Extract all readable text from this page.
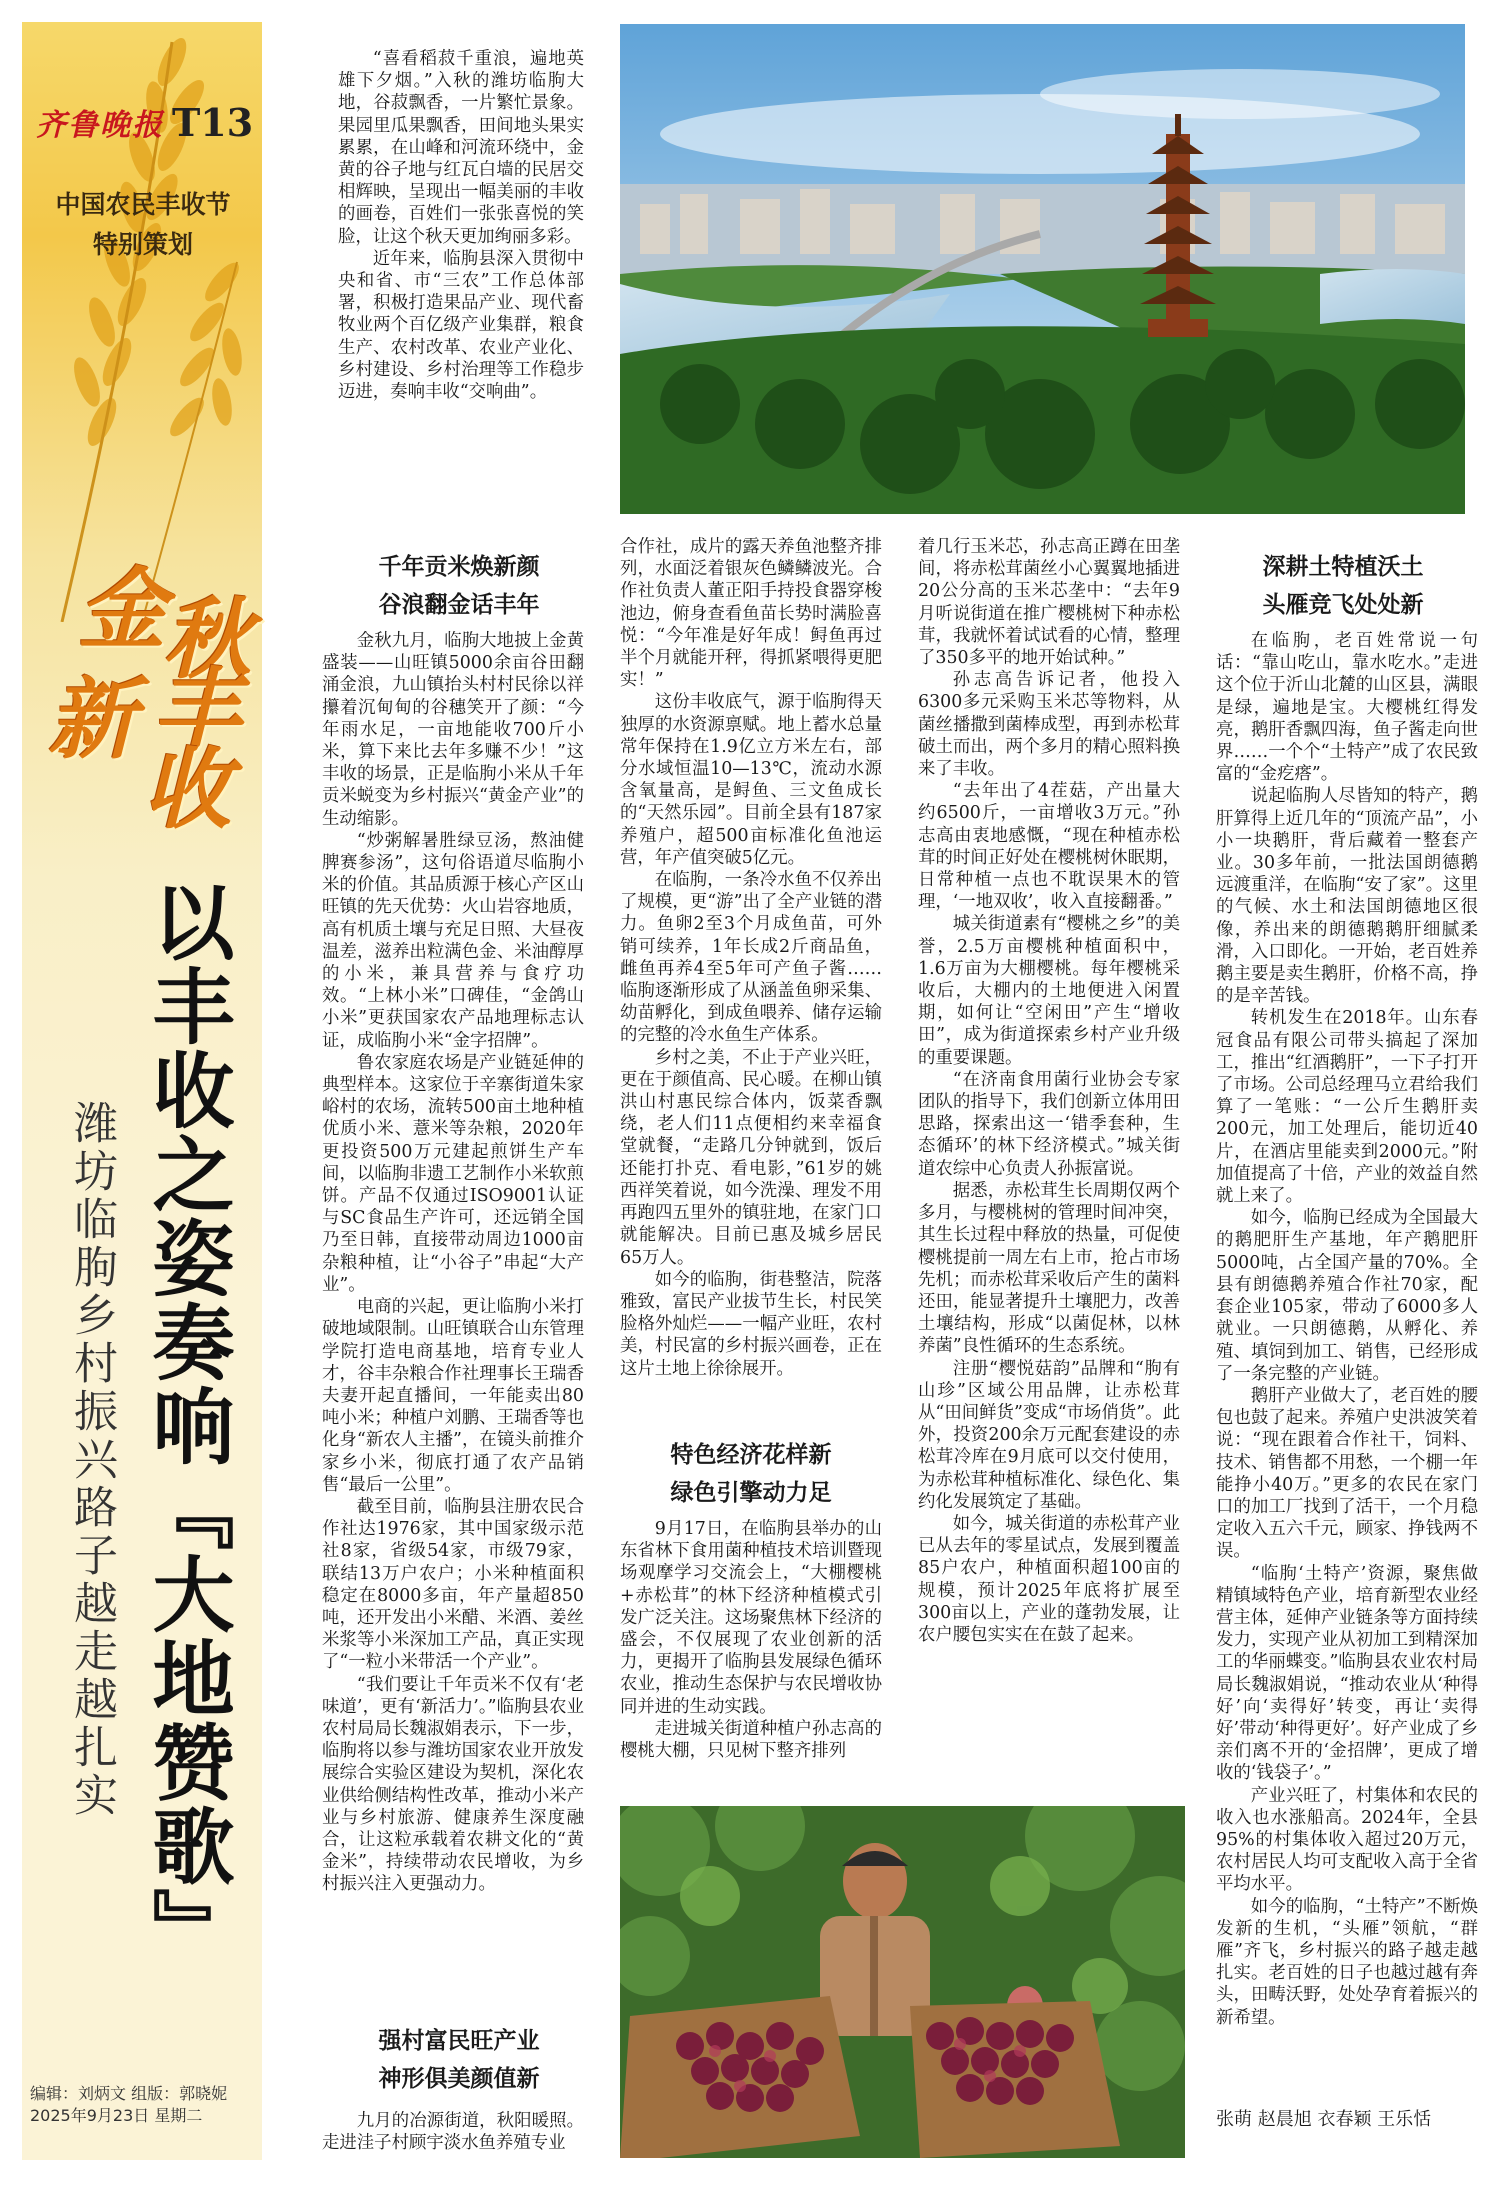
齐鲁晚报 T13
中国农民丰收节
特别策划
金
秋
新 丰
收
以丰收之姿奏响『大地赞歌』
潍坊临朐乡村振兴路子越走越扎实
编辑：刘炳文 组版：郭晓妮
2025年9月23日 星期二

“喜看稻菽千重浪，遍地英雄下夕烟。”入秋的潍坊临朐大地，谷菽飘香，一片繁忙景象。果园里瓜果飘香，田间地头果实累累，在山峰和河流环绕中，金黄的谷子地与红瓦白墙的民居交相辉映，呈现出一幅美丽的丰收的画卷，百姓们一张张喜悦的笑脸，让这个秋天更加绚丽多彩。

近年来，临朐县深入贯彻中央和省、市“三农”工作总体部署，积极打造果品产业、现代畜牧业两个百亿级产业集群，粮食生产、农村改革、农业产业化、乡村建设、乡村治理等工作稳步迈进，奏响丰收“交响曲”。

千年贡米焕新颜
谷浪翻金话丰年

金秋九月，临朐大地披上金黄盛装——山旺镇5000余亩谷田翻涌金浪，九山镇抬头村村民徐以祥攥着沉甸甸的谷穗笑开了颜：“今年雨水足，一亩地能收700斤小米，算下来比去年多赚不少！”这丰收的场景，正是临朐小米从千年贡米蜕变为乡村振兴“黄金产业”的生动缩影。

“炒粥解暑胜绿豆汤，熬油健脾赛参汤”，这句俗语道尽临朐小米的价值。其品质源于核心产区山旺镇的先天优势：火山岩容地质，高有机质土壤与充足日照、大昼夜温差，滋养出粒满色金、米油醇厚的小米，兼具营养与食疗功效。“上林小米”口碑佳，“金鸽山小米”更获国家农产品地理标志认证，成临朐小米“金字招牌”。

鲁农家庭农场是产业链延伸的典型样本。这家位于辛寨街道朱家峪村的农场，流转500亩土地种植优质小米、薏米等杂粮，2020年更投资500万元建起煎饼生产车间，以临朐非遗工艺制作小米软煎饼。产品不仅通过ISO9001认证与SC食品生产许可，还远销全国乃至日韩，直接带动周边1000亩杂粮种植，让“小谷子”串起“大产业”。

电商的兴起，更让临朐小米打破地域限制。山旺镇联合山东管理学院打造电商基地，培育专业人才，谷丰杂粮合作社理事长王瑞香夫妻开起直播间，一年能卖出80吨小米；种植户刘鹏、王瑞香等也化身“新农人主播”，在镜头前推介家乡小米，彻底打通了农产品销售“最后一公里”。

截至目前，临朐县注册农民合作社达1976家，其中国家级示范社8家，省级54家，市级79家，联结13万户农户；小米种植面积稳定在8000多亩，年产量超850吨，还开发出小米醋、米酒、姜丝米浆等小米深加工产品，真正实现了“一粒小米带活一个产业”。

“我们要让千年贡米不仅有‘老味道’，更有‘新活力’。”临朐县农业农村局局长魏淑娟表示，下一步，临朐将以参与潍坊国家农业开放发展综合实验区建设为契机，深化农业供给侧结构性改革，推动小米产业与乡村旅游、健康养生深度融合，让这粒承载着农耕文化的“黄金米”，持续带动农民增收，为乡村振兴注入更强动力。

强村富民旺产业
神形俱美颜值新

九月的冶源街道，秋阳暖照。走进洼子村顾宇淡水鱼养殖专业

合作社，成片的露天养鱼池整齐排列，水面泛着银灰色鳞鳞波光。合作社负责人董正阳手持投食器穿梭池边，俯身查看鱼苗长势时满脸喜悦：“今年准是好年成！鲟鱼再过半个月就能开秤，得抓紧喂得更肥实！”

这份丰收底气，源于临朐得天独厚的水资源禀赋。地上蓄水总量常年保持在1.9亿立方米左右，部分水域恒温10—13℃，流动水源含氧量高，是鲟鱼、三文鱼成长的“天然乐园”。目前全县有187家养殖户，超500亩标准化鱼池运营，年产值突破5亿元。

在临朐，一条冷水鱼不仅养出了规模，更“游”出了全产业链的潜力。鱼卵2至3个月成鱼苗，可外销可续养，1年长成2斤商品鱼，雌鱼再养4至5年可产鱼子酱……临朐逐渐形成了从涵盖鱼卵采集、幼苗孵化，到成鱼喂养、储存运输的完整的冷水鱼生产体系。

乡村之美，不止于产业兴旺，更在于颜值高、民心暖。在柳山镇洪山村惠民综合体内，饭菜香飘绕，老人们11点便相约来幸福食堂就餐，“走路几分钟就到，饭后还能打扑克、看电影，”61岁的姚西祥笑着说，如今洗澡、理发不用再跑四五里外的镇驻地，在家门口就能解决。目前已惠及城乡居民65万人。

如今的临朐，街巷整洁，院落雅致，富民产业拔节生长，村民笑脸格外灿烂——一幅产业旺，农村美，村民富的乡村振兴画卷，正在这片土地上徐徐展开。

特色经济花样新
绿色引擎动力足

9月17日，在临朐县举办的山东省林下食用菌种植技术培训暨现场观摩学习交流会上，“大棚樱桃+赤松茸”的林下经济种植模式引发广泛关注。这场聚焦林下经济的盛会，不仅展现了农业创新的活力，更揭开了临朐县发展绿色循环农业，推动生态保护与农民增收协同并进的生动实践。

走进城关街道种植户孙志高的樱桃大棚，只见树下整齐排列

着几行玉米芯，孙志高正蹲在田垄间，将赤松茸菌丝小心翼翼地插进20公分高的玉米芯垄中：“去年9月听说街道在推广樱桃树下种赤松茸，我就怀着试试看的心情，整理了350多平的地开始试种。”

孙志高告诉记者，他投入6300多元采购玉米芯等物料，从菌丝播撒到菌棒成型，再到赤松茸破土而出，两个多月的精心照料换来了丰收。

“去年出了4茬菇，产出量大约6500斤，一亩增收3万元。”孙志高由衷地感慨，“现在种植赤松茸的时间正好处在樱桃树休眠期，日常种植一点也不耽误果木的管理，‘一地双收’，收入直接翻番。”

城关街道素有“樱桃之乡”的美誉，2.5万亩樱桃种植面积中，1.6万亩为大棚樱桃。每年樱桃采收后，大棚内的土地便进入闲置期，如何让“空闲田”产生“增收田”，成为街道探索乡村产业升级的重要课题。

“在济南食用菌行业协会专家团队的指导下，我们创新立体用田思路，探索出这一‘错季套种，生态循环’的林下经济模式。”城关街道农综中心负责人孙振富说。

据悉，赤松茸生长周期仅两个多月，与樱桃树的管理时间冲突，其生长过程中释放的热量，可促使樱桃提前一周左右上市，抢占市场先机；而赤松茸采收后产生的菌料还田，能显著提升土壤肥力，改善土壤结构，形成“以菌促林，以林养菌”良性循环的生态系统。

注册“樱悦菇韵”品牌和“朐有山珍”区域公用品牌，让赤松茸从“田间鲜货”变成“市场俏货”。此外，投资200余万元配套建设的赤松茸冷库在9月底可以交付使用，为赤松茸种植标准化、绿色化、集约化发展筑定了基础。

如今，城关街道的赤松茸产业已从去年的零星试点，发展到覆盖85户农户，种植面积超100亩的规模，预计2025年底将扩展至300亩以上，产业的蓬勃发展，让农户腰包实实在在鼓了起来。

深耕土特植沃土
头雁竞飞处处新

在临朐，老百姓常说一句话：“靠山吃山，靠水吃水。”走进这个位于沂山北麓的山区县，满眼是绿，遍地是宝。大樱桃红得发亮，鹅肝香飘四海，鱼子酱走向世界……一个个“土特产”成了农民致富的“金疙瘩”。

说起临朐人尽皆知的特产，鹅肝算得上近几年的“顶流产品”，小小一块鹅肝，背后藏着一整套产业。30多年前，一批法国朗德鹅远渡重洋，在临朐“安了家”。这里的气候、水土和法国朗德地区很像，养出来的朗德鹅鹅肝细腻柔滑，入口即化。一开始，老百姓养鹅主要是卖生鹅肝，价格不高，挣的是辛苦钱。

转机发生在2018年。山东春冠食品有限公司带头搞起了深加工，推出“红酒鹅肝”，一下子打开了市场。公司总经理马立君给我们算了一笔账：“一公斤生鹅肝卖200元，加工处理后，能切近40片，在酒店里能卖到2000元。”附加值提高了十倍，产业的效益自然就上来了。

如今，临朐已经成为全国最大的鹅肥肝生产基地，年产鹅肥肝5000吨，占全国产量的70%。全县有朗德鹅养殖合作社70家，配套企业105家，带动了6000多人就业。一只朗德鹅，从孵化、养殖、填饲到加工、销售，已经形成了一条完整的产业链。

鹅肝产业做大了，老百姓的腰包也鼓了起来。养殖户史洪波笑着说：“现在跟着合作社干，饲料、技术、销售都不用愁，一个棚一年能挣小40万。”更多的农民在家门口的加工厂找到了活干，一个月稳定收入五六千元，顾家、挣钱两不误。

“临朐‘土特产’资源，聚焦做精镇域特色产业，培育新型农业经营主体，延伸产业链条等方面持续发力，实现产业从初加工到精深加工的华丽蝶变。”临朐县农业农村局局长魏淑娟说，“推动农业从‘种得好’向‘卖得好’转变，再让‘卖得好’带动‘种得更好’。好产业成了乡亲们离不开的‘金招牌’，更成了增收的‘钱袋子’。”

产业兴旺了，村集体和农民的收入也水涨船高。2024年，全县95%的村集体收入超过20万元，农村居民人均可支配收入高于全省平均水平。

如今的临朐，“土特产”不断焕发新的生机，“头雁”领航，“群雁”齐飞，乡村振兴的路子越走越扎实。老百姓的日子也越过越有奔头，田畴沃野，处处孕育着振兴的新希望。

张萌 赵晨旭 衣春颖 王乐恬
